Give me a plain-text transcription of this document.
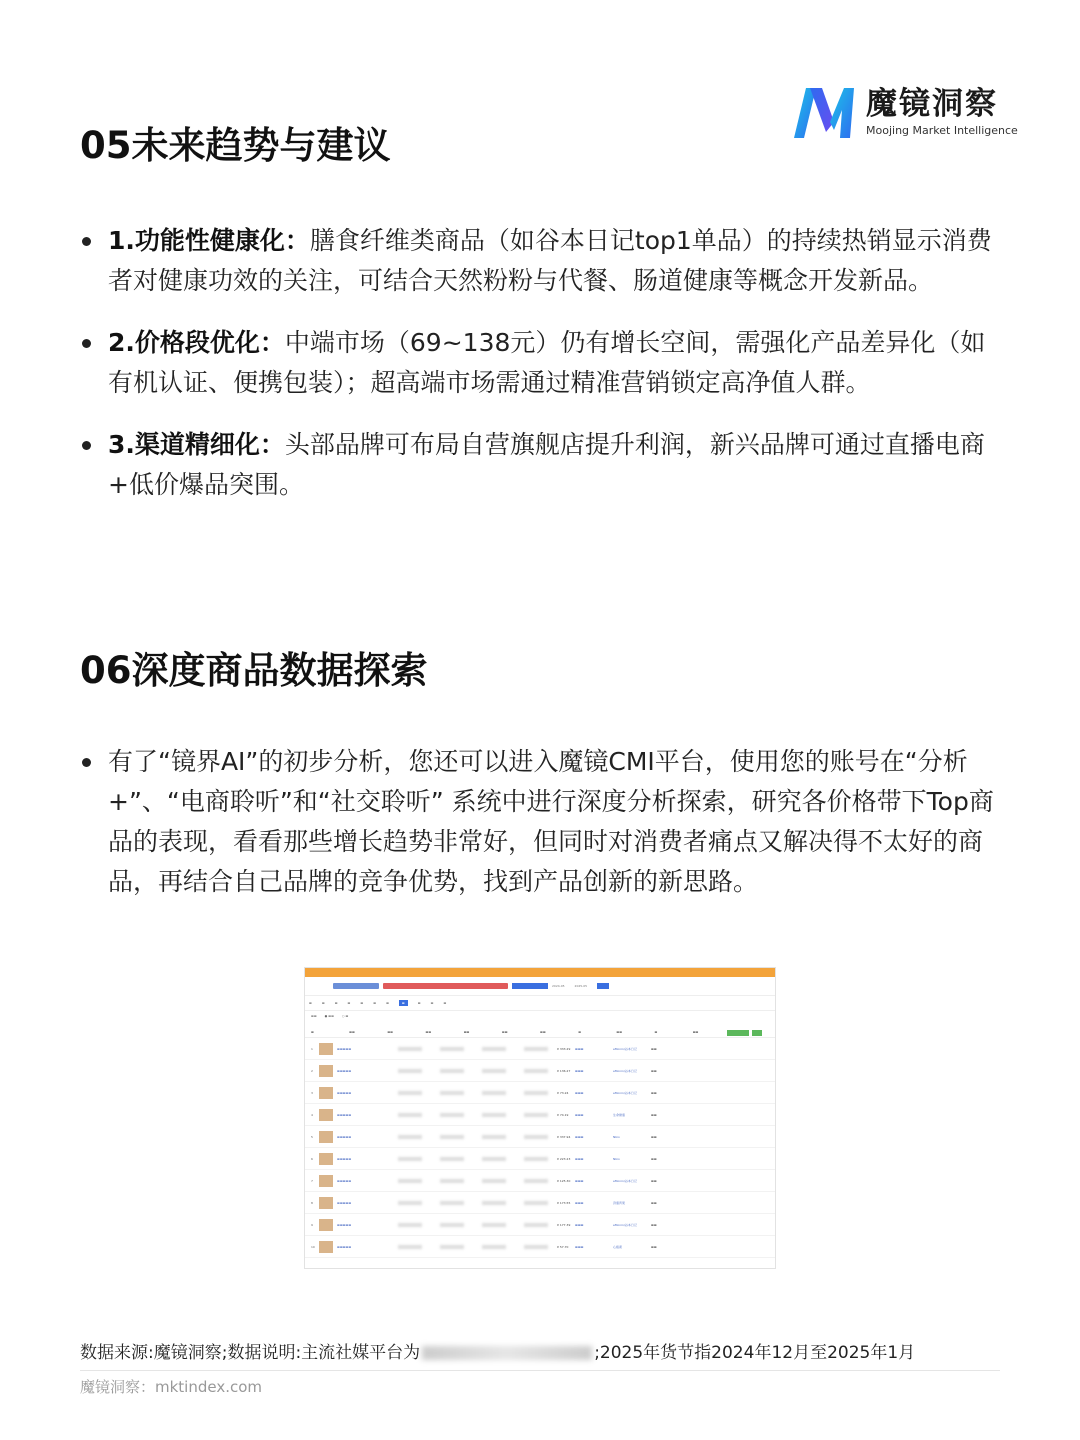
魔镜洞察
Moojing Market Intelligence
05未来趋势与建议
1.功能性健康化：膳食纤维类商品（如谷本日记top1单品）的持续热销显示消费者对健康功效的关注，可结合天然粉粉与代餐、肠道健康等概念开发新品。
2.价格段优化：中端市场（69~138元）仍有增长空间，需强化产品差异化（如有机认证、便携包装）；超高端市场需通过精准营销锁定高净值人群。
3.渠道精细化：头部品牌可布局自营旗舰店提升利润，新兴品牌可通过直播电商+低价爆品突围。
06深度商品数据探索
有了“镜界AI”的初步分析，您还可以进入魔镜CMI平台，使用您的账号在“分析+”、“电商聆听”和“社交聆听” 系统中进行深度分析探索，研究各价格带下Top商品的表现，看看那些增长趋势非常好，但同时对消费者痛点又解决得不太好的商品，再结合自己品牌的竞争优势，找到产品创新的新思路。
2024-05	2025-05
▬	▬	▬	▬	▬	▬	▬	▬	▬	▬	▬
▬▬	● ▬▬	○ ▬
▬	▬▬	▬▬	▬▬	▬▬	▬▬	▬▬	▬	▬▬	▬	▬▬
1	▬▬▬▬▬	¥ 333.29	▬▬▬	eMonin/谷本日记	▬▬
2	▬▬▬▬▬	¥ 136.27	▬▬▬	eMonin/谷本日记	▬▬
3	▬▬▬▬▬	¥ 73.24	▬▬▬	eMonin/谷本日记	▬▬
4	▬▬▬▬▬	¥ 74.19	▬▬▬	生命健康	▬▬
5	▬▬▬▬▬	¥ 337.94	▬▬▬	Nbio	▬▬
6	▬▬▬▬▬	¥ 223.23	▬▬▬	Nbio	▬▬
7	▬▬▬▬▬	¥ 125.30	▬▬▬	eMonin/谷本日记	▬▬
8	▬▬▬▬▬	¥ 173.55	▬▬▬	济康育果	▬▬
9	▬▬▬▬▬	¥ 177.39	▬▬▬	eMonin/谷本日记	▬▬
10	▬▬▬▬▬	¥ 57.70	▬▬▬	心植素	▬▬
数据来源:魔镜洞察;数据说明:主流社媒平台为	;2025年货节指2024年12月至2025年1月
魔镜洞察：mktindex.com
